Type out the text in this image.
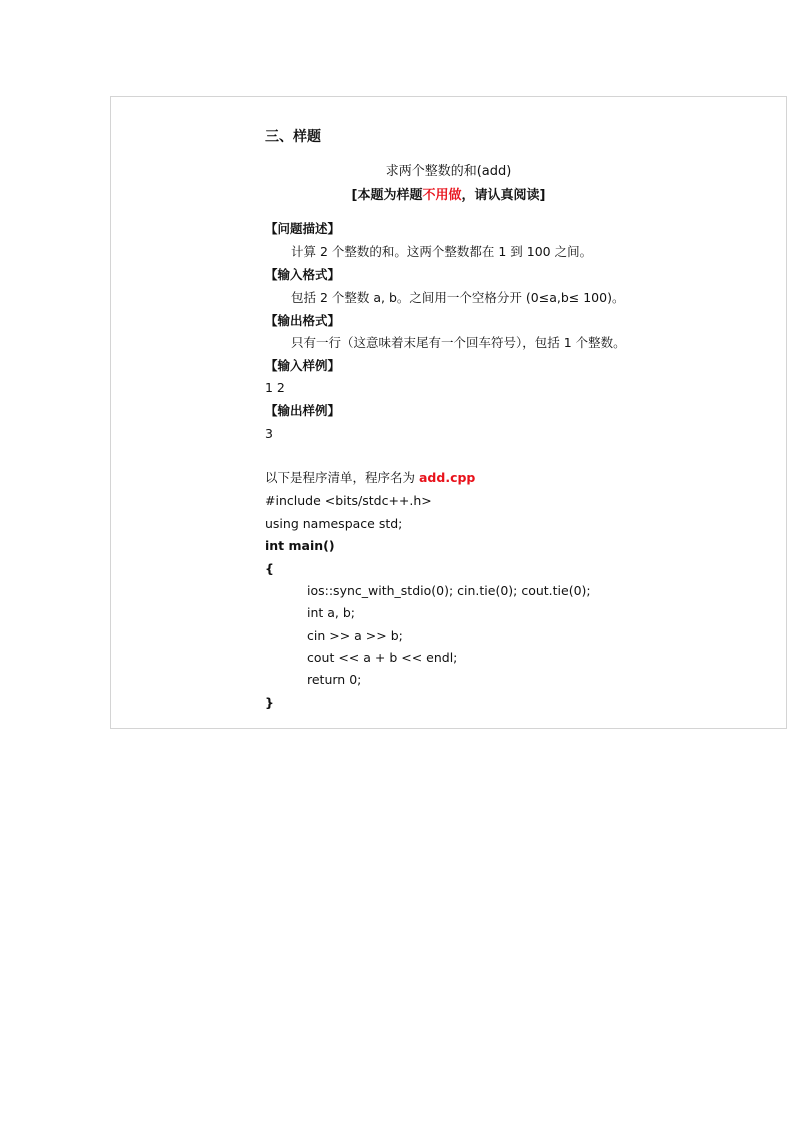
三、样题
求两个整数的和(add)
[本题为样题不用做，请认真阅读]
【问题描述】
计算 2 个整数的和。这两个整数都在 1 到 100 之间。
【输入格式】
包括 2 个整数 a, b。之间用一个空格分开 (0≤a,b≤ 100)。
【输出格式】
只有一行（这意味着末尾有一个回车符号），包括 1 个整数。
【输入样例】
1 2
【输出样例】
3
以下是程序清单，程序名为 add.cpp
#include <bits/stdc++.h>
using namespace std;
int main()
{
ios::sync_with_stdio(0); cin.tie(0); cout.tie(0);
int a, b;
cin >> a >> b;
cout << a + b << endl;
return 0;
}
